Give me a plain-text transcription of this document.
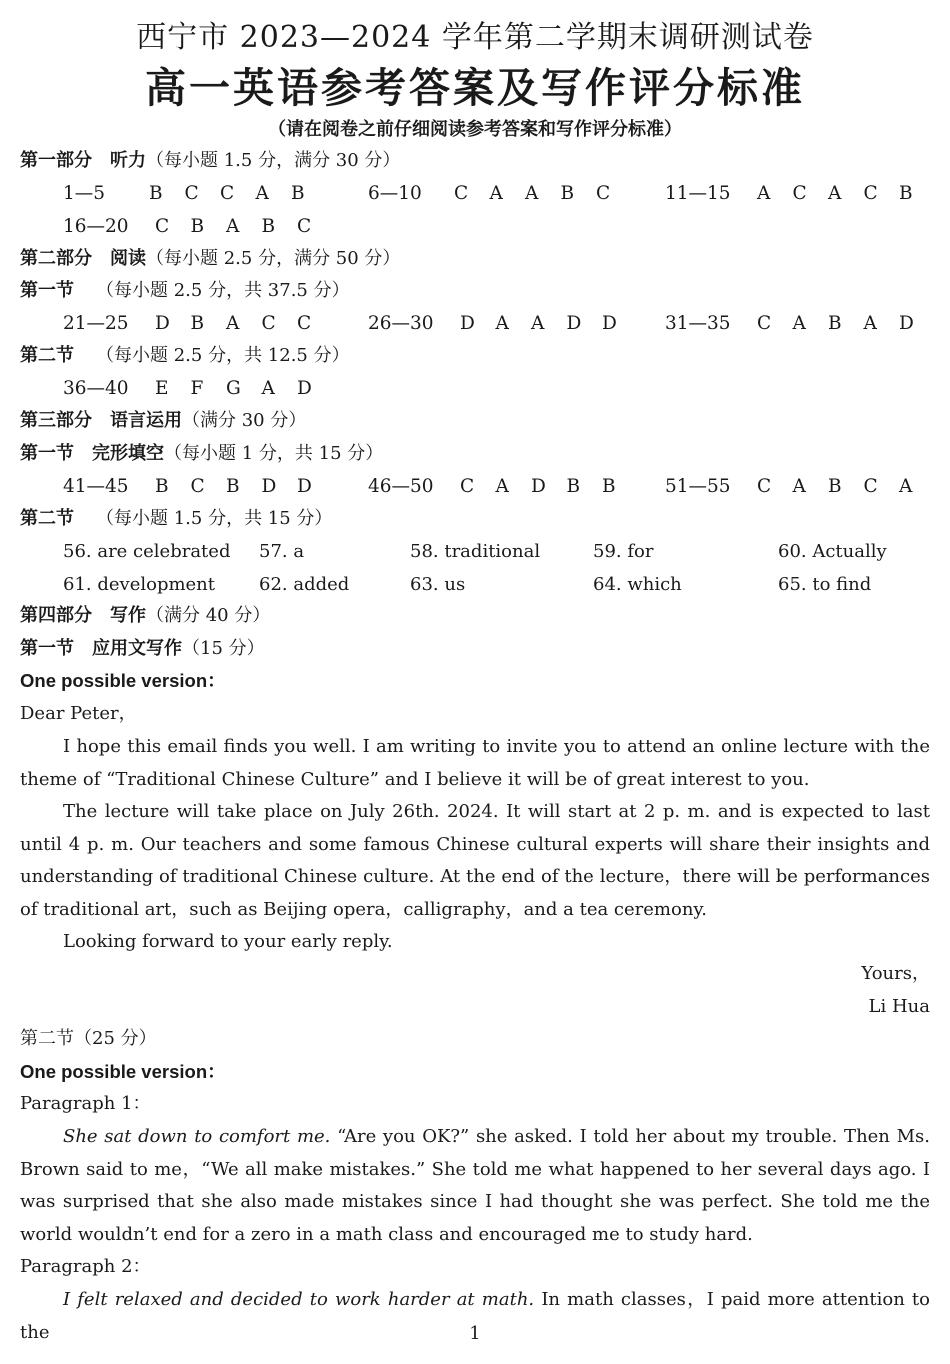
西宁市 2023—2024 学年第二学期末调研测试卷
高一英语参考答案及写作评分标准
（请在阅卷之前仔细阅读参考答案和写作评分标准）
第一部分　听力（每小题 1.5 分，满分 30 分）
1—5 B C C A B	6—10 C A A B C	11—15 A C A C B
16—20 C B A B C
第二部分　阅读（每小题 2.5 分，满分 50 分）
第一节 （每小题 2.5 分，共 37.5 分）
21—25 D B A C C	26—30 D A A D D	31—35 C A B A D
第二节 （每小题 2.5 分，共 12.5 分）
36—40 E F G A D
第三部分　语言运用（满分 30 分）
第一节　完形填空（每小题 1 分，共 15 分）
41—45 B C B D D	46—50 C A D B B	51—55 C A B C A
第二节 （每小题 1.5 分，共 15 分）
56. are celebrated 57. a	58. traditional	59. for	60. Actually
61. development 62. added	63. us	64. which	65. to find
第四部分　写作（满分 40 分）
第一节　应用文写作（15 分）
One possible version：
Dear Peter，
I hope this email finds you well. I am writing to invite you to attend an online lecture with the theme of “Traditional Chinese Culture” and I believe it will be of great interest to you.
The lecture will take place on July 26th. 2024. It will start at 2 p. m. and is expected to last until 4 p. m. Our teachers and some famous Chinese cultural experts will share their insights and understanding of traditional Chinese culture. At the end of the lecture，there will be performances of traditional art，such as Beijing opera，calligraphy，and a tea ceremony.
Looking forward to your early reply.
Yours，
Li Hua
第二节（25 分）
One possible version：
Paragraph 1：
She sat down to comfort me. “Are you OK?” she asked. I told her about my trouble. Then Ms. Brown said to me，“We all make mistakes.” She told me what happened to her several days ago. I was surprised that she also made mistakes since I had thought she was perfect. She told me the world wouldn’t end for a zero in a math class and encouraged me to study hard.
Paragraph 2：
I felt relaxed and decided to work harder at math. In math classes，I paid more attention to the	1
